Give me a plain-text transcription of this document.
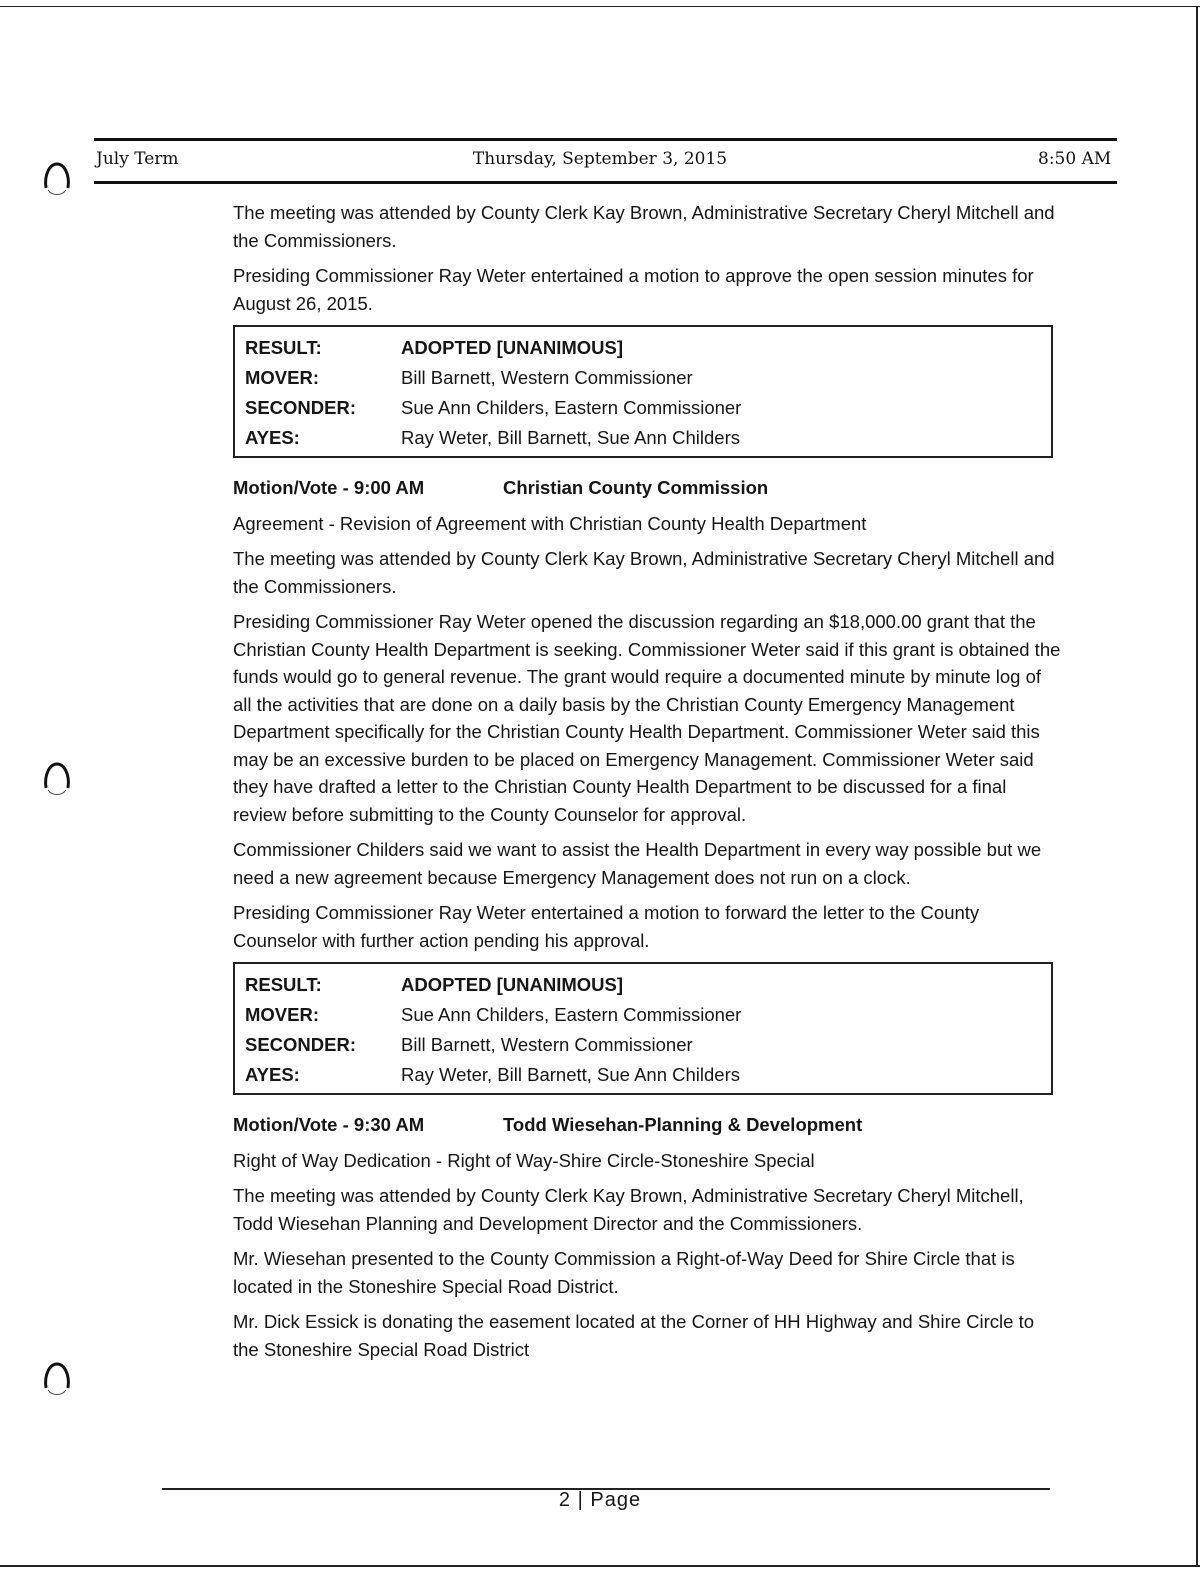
July Term	Thursday, September 3, 2015	8:50 AM

The meeting was attended by County Clerk Kay Brown, Administrative Secretary Cheryl Mitchell and the Commissioners.

Presiding Commissioner Ray Weter entertained a motion to approve the open session minutes for August 26, 2015.

RESULT:	ADOPTED [UNANIMOUS]
MOVER:	Bill Barnett, Western Commissioner
SECONDER:	Sue Ann Childers, Eastern Commissioner
AYES:	Ray Weter, Bill Barnett, Sue Ann Childers

Motion/Vote - 9:00 AM	Christian County Commission

Agreement - Revision of Agreement with Christian County Health Department

The meeting was attended by County Clerk Kay Brown, Administrative Secretary Cheryl Mitchell and the Commissioners.

Presiding Commissioner Ray Weter opened the discussion regarding an $18,000.00 grant that the Christian County Health Department is seeking. Commissioner Weter said if this grant is obtained the funds would go to general revenue. The grant would require a documented minute by minute log of all the activities that are done on a daily basis by the Christian County Emergency Management Department specifically for the Christian County Health Department. Commissioner Weter said this may be an excessive burden to be placed on Emergency Management. Commissioner Weter said they have drafted a letter to the Christian County Health Department to be discussed for a final review before submitting to the County Counselor for approval.

Commissioner Childers said we want to assist the Health Department in every way possible but we need a new agreement because Emergency Management does not run on a clock.

Presiding Commissioner Ray Weter entertained a motion to forward the letter to the County Counselor with further action pending his approval.

RESULT:	ADOPTED [UNANIMOUS]
MOVER:	Sue Ann Childers, Eastern Commissioner
SECONDER:	Bill Barnett, Western Commissioner
AYES:	Ray Weter, Bill Barnett, Sue Ann Childers

Motion/Vote - 9:30 AM	Todd Wiesehan-Planning & Development

Right of Way Dedication - Right of Way-Shire Circle-Stoneshire Special

The meeting was attended by County Clerk Kay Brown, Administrative Secretary Cheryl Mitchell, Todd Wiesehan Planning and Development Director and the Commissioners.

Mr. Wiesehan presented to the County Commission a Right-of-Way Deed for Shire Circle that is located in the Stoneshire Special Road District.

Mr. Dick Essick is donating the easement located at the Corner of HH Highway and Shire Circle to the Stoneshire Special Road District

2 | Page
